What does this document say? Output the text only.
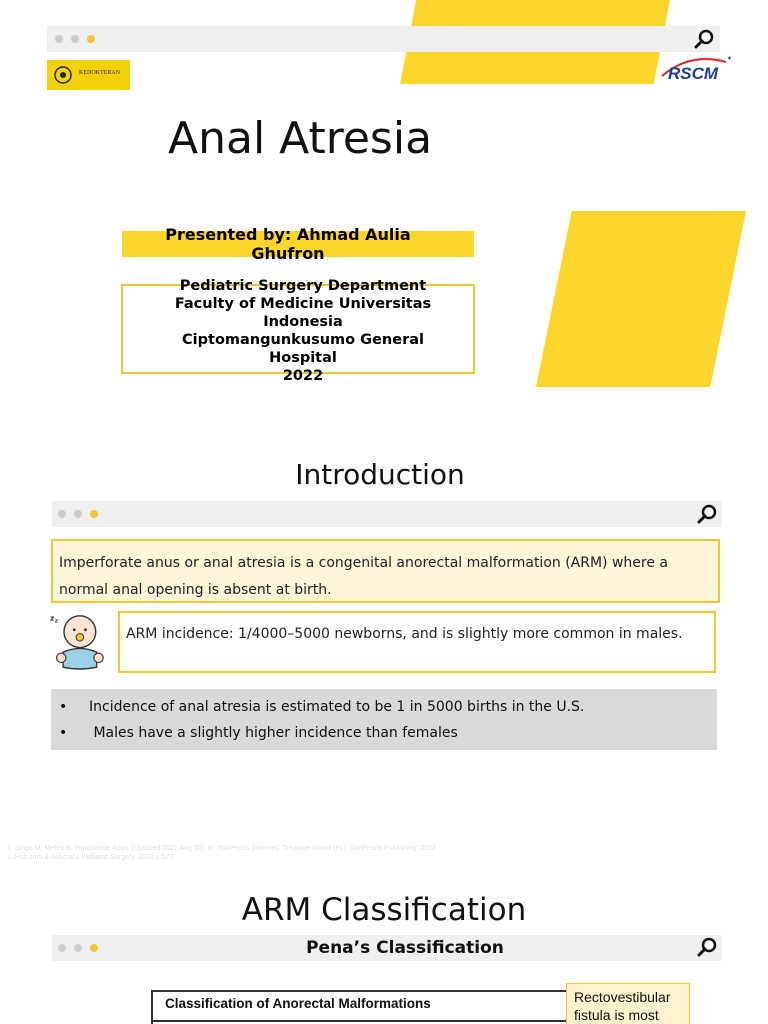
KEDOKTERAN	RSCM
Anal Atresia
Presented by: Ahmad Aulia Ghufron
Pediatric Surgery Department
Faculty of Medicine Universitas Indonesia
Ciptomangunkusumo General Hospital
2022
Introduction
Imperforate anus or anal atresia is a congenital anorectal malformation (ARM) where a normal anal opening is absent at birth.
z z
ARM incidence: 1/4000–5000 newborns, and is slightly more common in males.
• Incidence of anal atresia is estimated to be 1 in 5000 births in the U.S.
• Males have a slightly higher incidence than females
1. Singh M, Mehra K. Imperforate Anus. [Updated 2021 Aug 30]. In: StatPearls [Internet]. Treasure Island (FL): StatPearls Publishing; 2022
2. Holcomb & Ashcraf's Pediatric Surgery. 2020 p.577
ARM Classification
Pena’s Classification
Classification of Anorectal Malformations	Rectovestibular fistula is most
